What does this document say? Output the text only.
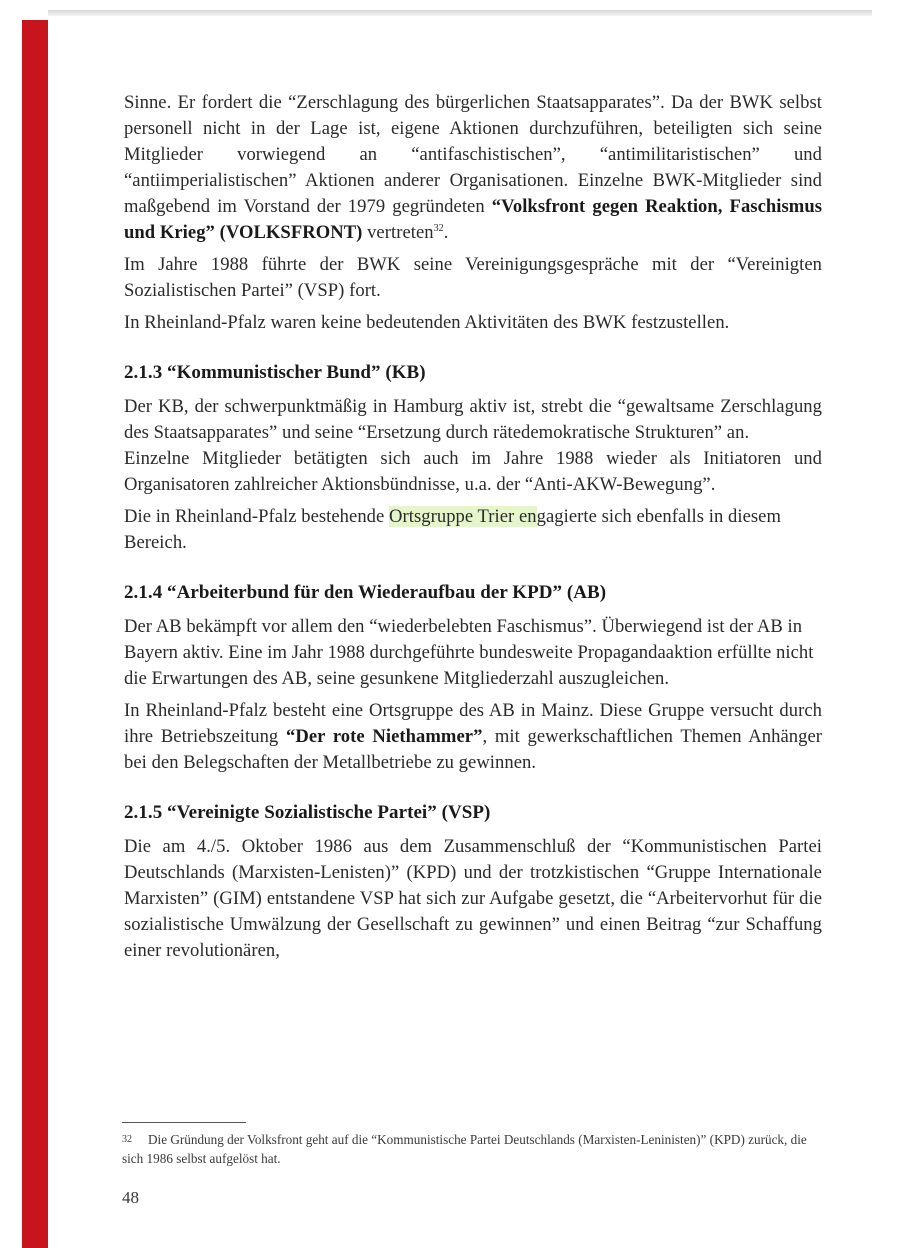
Sinne. Er fordert die “Zerschlagung des bürgerlichen Staatsapparates”. Da der BWK selbst personell nicht in der Lage ist, eigene Aktionen durchzuführen, beteiligten sich seine Mitglieder vorwiegend an “antifaschistischen”, “antimilitaristischen” und “antiimperialistischen” Aktionen anderer Organisationen. Einzelne BWK-Mitglieder sind maßgebend im Vorstand der 1979 gegründeten “Volksfront gegen Reaktion, Faschismus und Krieg” (VOLKSFRONT) vertreten$^{32}$.

Im Jahre 1988 führte der BWK seine Vereinigungsgespräche mit der “Vereinigten Sozialistischen Partei” (VSP) fort.

In Rheinland-Pfalz waren keine bedeutenden Aktivitäten des BWK festzustellen.

2.1.3 “Kommunistischer Bund” (KB)

Der KB, der schwerpunktmäßig in Hamburg aktiv ist, strebt die “gewaltsame Zerschlagung des Staatsapparates” und seine “Ersetzung durch rätedemokratische Strukturen” an.

Einzelne Mitglieder betätigten sich auch im Jahre 1988 wieder als Initiatoren und Organisatoren zahlreicher Aktionsbündnisse, u.a. der “Anti-AKW-Bewegung”.

Die in Rheinland-Pfalz bestehende Ortsgruppe Trier engagierte sich ebenfalls in diesem Bereich.

2.1.4 “Arbeiterbund für den Wiederaufbau der KPD” (AB)

Der AB bekämpft vor allem den “wiederbelebten Faschismus”. Überwiegend ist der AB in Bayern aktiv. Eine im Jahr 1988 durchgeführte bundesweite Propagandaaktion erfüllte nicht die Erwartungen des AB, seine gesunkene Mitgliederzahl auszugleichen.

In Rheinland-Pfalz besteht eine Ortsgruppe des AB in Mainz. Diese Gruppe versucht durch ihre Betriebszeitung “Der rote Niethammer”, mit gewerkschaftlichen Themen Anhänger bei den Belegschaften der Metallbetriebe zu gewinnen.

2.1.5 “Vereinigte Sozialistische Partei” (VSP)

Die am 4./5. Oktober 1986 aus dem Zusammenschluß der “Kommunistischen Partei Deutschlands (Marxisten-Lenisten)” (KPD) und der trotzkistischen “Gruppe Internationale Marxisten” (GIM) entstandene VSP hat sich zur Aufgabe gesetzt, die “Arbeitervorhut für die sozialistische Umwälzung der Gesellschaft zu gewinnen” und einen Beitrag “zur Schaffung einer revolutionären,

32 Die Gründung der Volksfront geht auf die “Kommunistische Partei Deutschlands (Marxisten-Leninisten)” (KPD) zurück, die sich 1986 selbst aufgelöst hat.
48
